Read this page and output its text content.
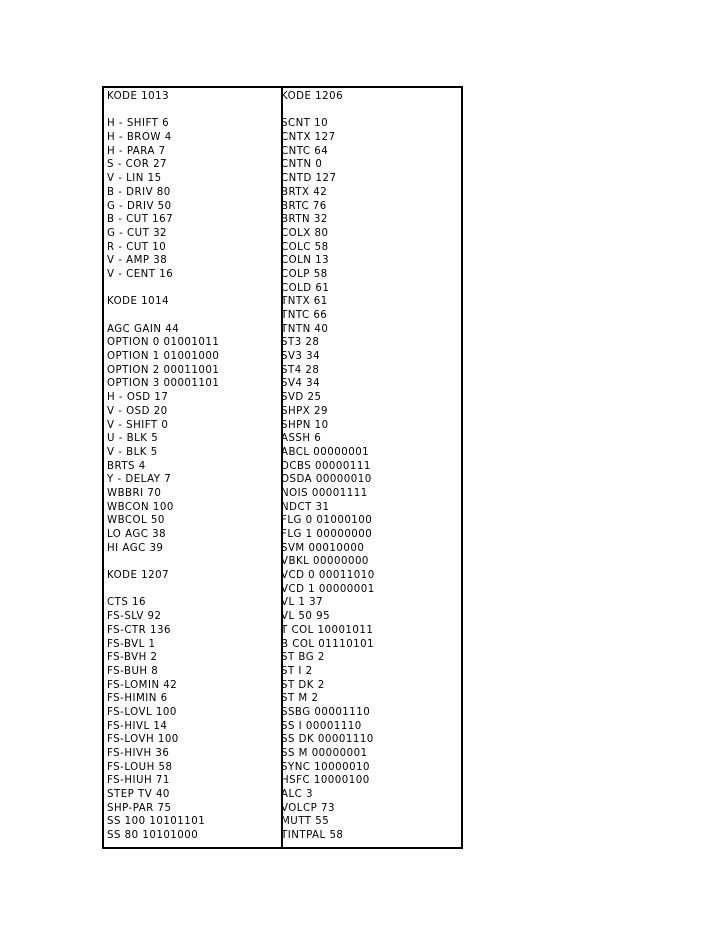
KODE 1013
H - SHIFT 6
H - BROW 4
H - PARA 7
S - COR 27
V - LIN 15
B - DRIV 80
G - DRIV 50
B - CUT 167
G - CUT 32
R - CUT 10
V - AMP 38
V - CENT 16
KODE 1014
AGC GAIN 44
OPTION 0 01001011
OPTION 1 01001000
OPTION 2 00011001
OPTION 3 00001101
H - OSD 17
V - OSD 20
V - SHIFT 0
U - BLK 5
V - BLK 5
BRTS 4
Y - DELAY 7
WBBRI 70
WBCON 100
WBCOL 50
LO AGC 38
HI AGC 39
KODE 1207
CTS 16
FS-SLV 92
FS-CTR 136
FS-BVL 1
FS-BVH 2
FS-BUH 8
FS-LOMIN 42
FS-HIMIN 6
FS-LOVL 100
FS-HIVL 14
FS-LOVH 100
FS-HIVH 36
FS-LOUH 58
FS-HIUH 71
STEP TV 40
SHP-PAR 75
SS 100 10101101
SS 80 10101000
KODE 1206
SCNT 10
CNTX 127
CNTC 64
CNTN 0
CNTD 127
BRTX 42
BRTC 76
BRTN 32
COLX 80
COLC 58
COLN 13
COLP 58
COLD 61
TNTX 61
TNTC 66
TNTN 40
ST3 28
SV3 34
ST4 28
SV4 34
SVD 25
SHPX 29
SHPN 10
ASSH 6
ABCL 00000001
DCBS 00000111
OSDA 00000010
NOIS 00001111
NDCT 31
FLG 0 01000100
FLG 1 00000000
SVM 00010000
VBKL 00000000
VCD 0 00011010
VCD 1 00000001
VL 1 37
VL 50 95
T COL 10001011
B COL 01110101
ST BG 2
ST I 2
ST DK 2
ST M 2
SSBG 00001110
SS I 00001110
SS DK 00001110
SS M 00000001
SYNC 10000010
HSFC 10000100
ALC 3
VOLCP 73
MUTT 55
TINTPAL 58
